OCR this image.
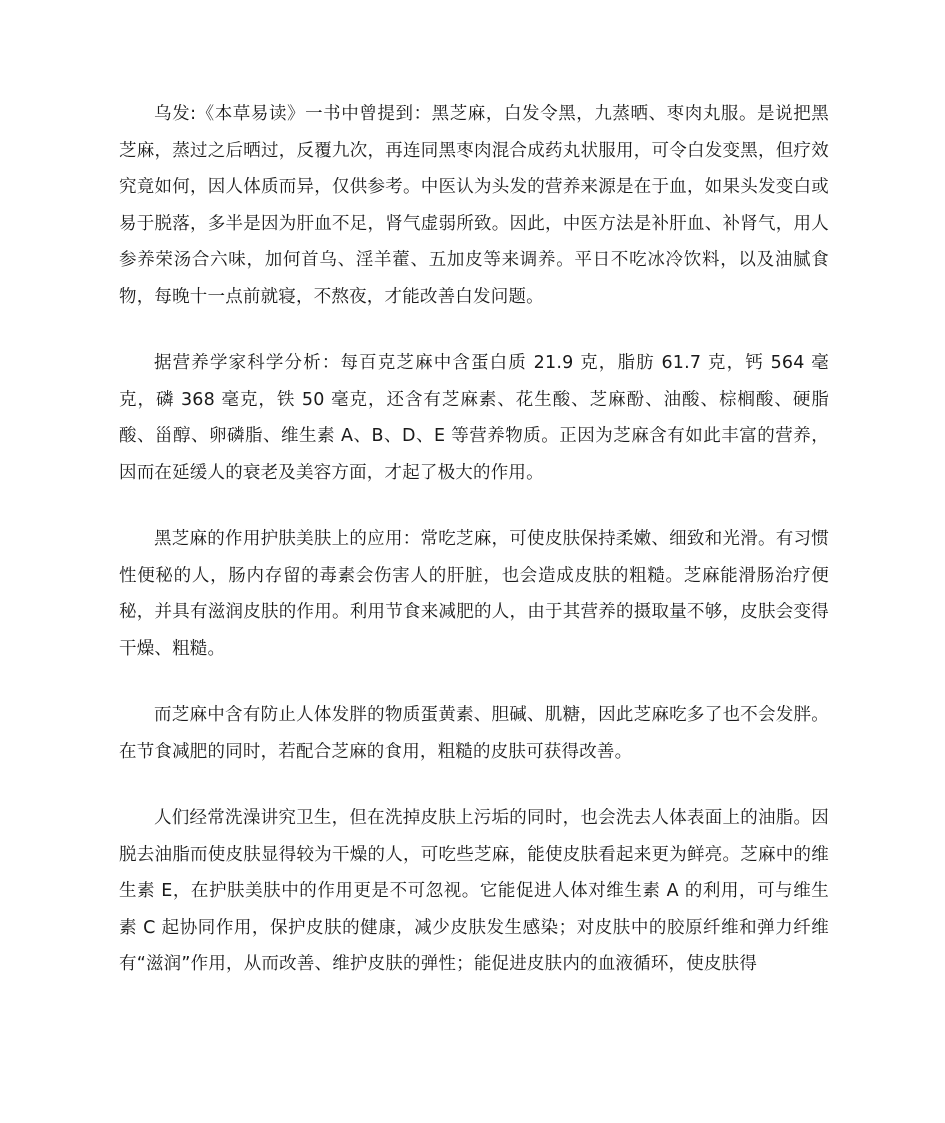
乌发:《本草易读》一书中曾提到：黑芝麻，白发令黑，九蒸晒、枣肉丸服。是说把黑芝麻，蒸过之后晒过，反覆九次，再连同黑枣肉混合成药丸状服用，可令白发变黑，但疗效究竟如何，因人体质而异，仅供参考。中医认为头发的营养来源是在于血，如果头发变白或易于脱落，多半是因为肝血不足，肾气虚弱所致。因此，中医方法是补肝血、补肾气，用人参养荣汤合六味，加何首乌、淫羊藿、五加皮等来调养。平日不吃冰冷饮料，以及油腻食物，每晚十一点前就寝，不熬夜，才能改善白发问题。

据营养学家科学分析：每百克芝麻中含蛋白质 21.9 克，脂肪 61.7 克，钙 564 毫克，磷 368 毫克，铁 50 毫克，还含有芝麻素、花生酸、芝麻酚、油酸、棕榈酸、硬脂酸、甾醇、卵磷脂、维生素 A、B、D、E 等营养物质。正因为芝麻含有如此丰富的营养，因而在延缓人的衰老及美容方面，才起了极大的作用。

黑芝麻的作用护肤美肤上的应用：常吃芝麻，可使皮肤保持柔嫩、细致和光滑。有习惯性便秘的人，肠内存留的毒素会伤害人的肝脏，也会造成皮肤的粗糙。芝麻能滑肠治疗便秘，并具有滋润皮肤的作用。利用节食来减肥的人，由于其营养的摄取量不够，皮肤会变得干燥、粗糙。

而芝麻中含有防止人体发胖的物质蛋黄素、胆碱、肌糖，因此芝麻吃多了也不会发胖。在节食减肥的同时，若配合芝麻的食用，粗糙的皮肤可获得改善。

人们经常洗澡讲究卫生，但在洗掉皮肤上污垢的同时，也会洗去人体表面上的油脂。因脱去油脂而使皮肤显得较为干燥的人，可吃些芝麻，能使皮肤看起来更为鲜亮。芝麻中的维生素 E，在护肤美肤中的作用更是不可忽视。它能促进人体对维生素 A 的利用，可与维生素 C 起协同作用，保护皮肤的健康，减少皮肤发生感染；对皮肤中的胶原纤维和弹力纤维有“滋润”作用，从而改善、维护皮肤的弹性；能促进皮肤内的血液循环，使皮肤得
